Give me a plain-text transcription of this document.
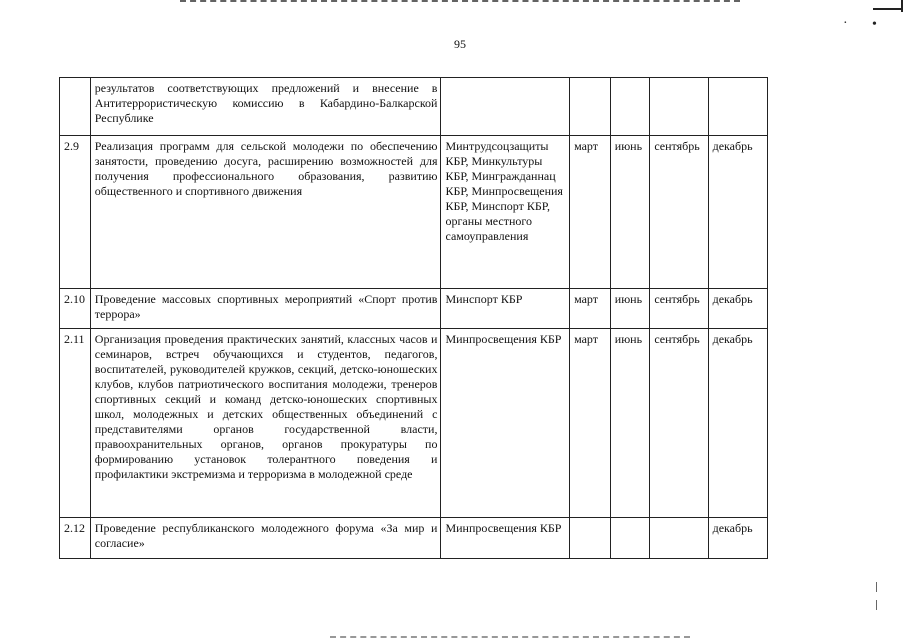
· •
95
	результатов соответствующих предложений и внесение в Антитеррористическую комиссию в Кабардино-Балкарской Республике					
2.9	Реализация программ для сельской молодежи по обеспечению занятости, проведению досуга, расширению возможностей для получения профессионального образования, развитию общественного и спортивного движения	Минтрудсоцзащиты КБР, Минкультуры КБР, Мингражданнац КБР, Минпросвещения КБР, Минспорт КБР, органы местного самоуправления	март	июнь	сентябрь	декабрь
2.10	Проведение массовых спортивных мероприятий «Спорт против террора»	Минспорт КБР	март	июнь	сентябрь	декабрь
2.11	Организация проведения практических занятий, классных часов и семинаров, встреч обучающихся и студентов, педагогов, воспитателей, руководителей кружков, секций, детско-юношеских клубов, клубов патриотического воспитания молодежи, тренеров спортивных секций и команд детско-юношеских спортивных школ, молодежных и детских общественных объединений с представителями органов государственной власти, правоохранительных органов, органов прокуратуры по формированию установок толерантного поведения и профилактики экстремизма и терроризма в молодежной среде	Минпросвещения КБР	март	июнь	сентябрь	декабрь
2.12	Проведение республиканского молодежного форума «За мир и согласие»	Минпросвещения КБР				декабрь
